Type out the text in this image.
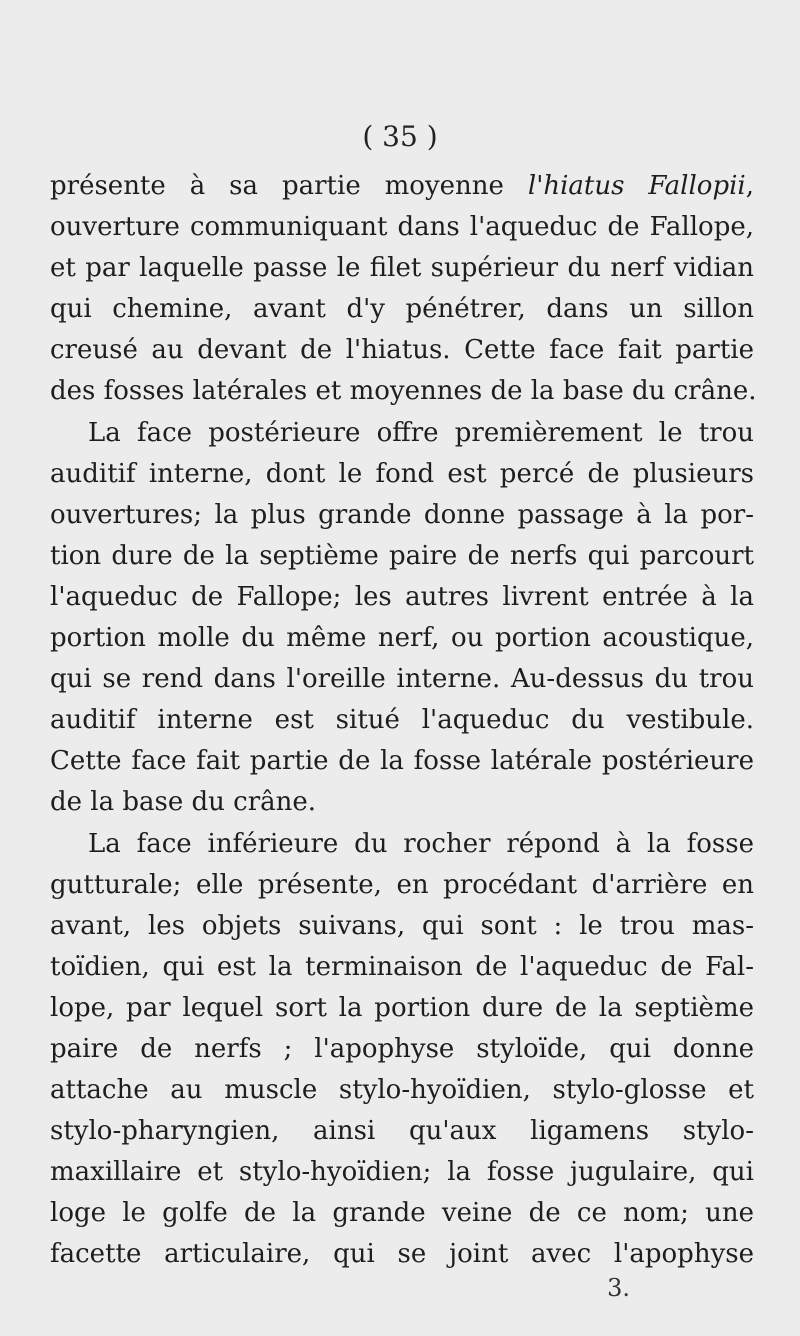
( 35 )
présente à sa partie moyenne l'hiatus Fallopii,
ouverture communiquant dans l'aqueduc de Fallope,
et par laquelle passe le filet supérieur du nerf vidian
qui chemine, avant d'y pénétrer, dans un sillon
creusé au devant de l'hiatus. Cette face fait partie
des fosses latérales et moyennes de la base du crâne.
La face postérieure offre premièrement le trou
auditif interne, dont le fond est percé de plusieurs
ouvertures; la plus grande donne passage à la por-
tion dure de la septième paire de nerfs qui parcourt
l'aqueduc de Fallope; les autres livrent entrée à la
portion molle du même nerf, ou portion acoustique,
qui se rend dans l'oreille interne. Au-dessus du trou
auditif interne est situé l'aqueduc du vestibule.
Cette face fait partie de la fosse latérale postérieure
de la base du crâne.
La face inférieure du rocher répond à la fosse
gutturale; elle présente, en procédant d'arrière en
avant, les objets suivans, qui sont : le trou mas-
toïdien, qui est la terminaison de l'aqueduc de Fal-
lope, par lequel sort la portion dure de la septième
paire de nerfs ; l'apophyse styloïde, qui donne
attache au muscle stylo-hyoïdien, stylo-glosse et
stylo-pharyngien, ainsi qu'aux ligamens stylo-
maxillaire et stylo-hyoïdien; la fosse jugulaire, qui
loge le golfe de la grande veine de ce nom; une
facette articulaire, qui se joint avec l'apophyse
3.
